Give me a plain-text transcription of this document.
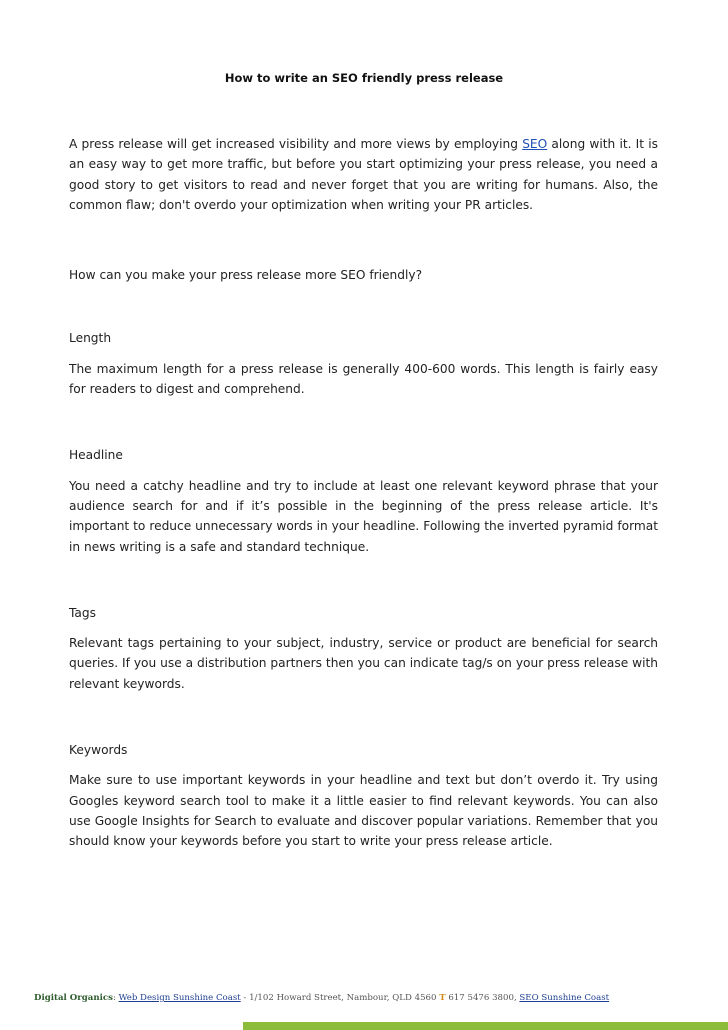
How to write an SEO friendly press release

A press release will get increased visibility and more views by employing SEO along with it. It is an easy way to get more traffic, but before you start optimizing your press release, you need a good story to get visitors to read and never forget that you are writing for humans. Also, the common flaw; don't overdo your optimization when writing your PR articles.

How can you make your press release more SEO friendly?

Length

The maximum length for a press release is generally 400-600 words. This length is fairly easy for readers to digest and comprehend.

Headline

You need a catchy headline and try to include at least one relevant keyword phrase that your audience search for and if it’s possible in the beginning of the press release article. It's important to reduce unnecessary words in your headline. Following the inverted pyramid format in news writing is a safe and standard technique.

Tags

Relevant tags pertaining to your subject, industry, service or product are beneficial for search queries. If you use a distribution partners then you can indicate tag/s on your press release with relevant keywords.

Keywords

Make sure to use important keywords in your headline and text but don’t overdo it. Try using Googles keyword search tool to make it a little easier to find relevant keywords. You can also use Google Insights for Search to evaluate and discover popular variations. Remember that you should know your keywords before you start to write your press release article.

Digital Organics: Web Design Sunshine Coast - 1/102 Howard Street, Nambour, QLD 4560 T 617 5476 3800, SEO Sunshine Coast
